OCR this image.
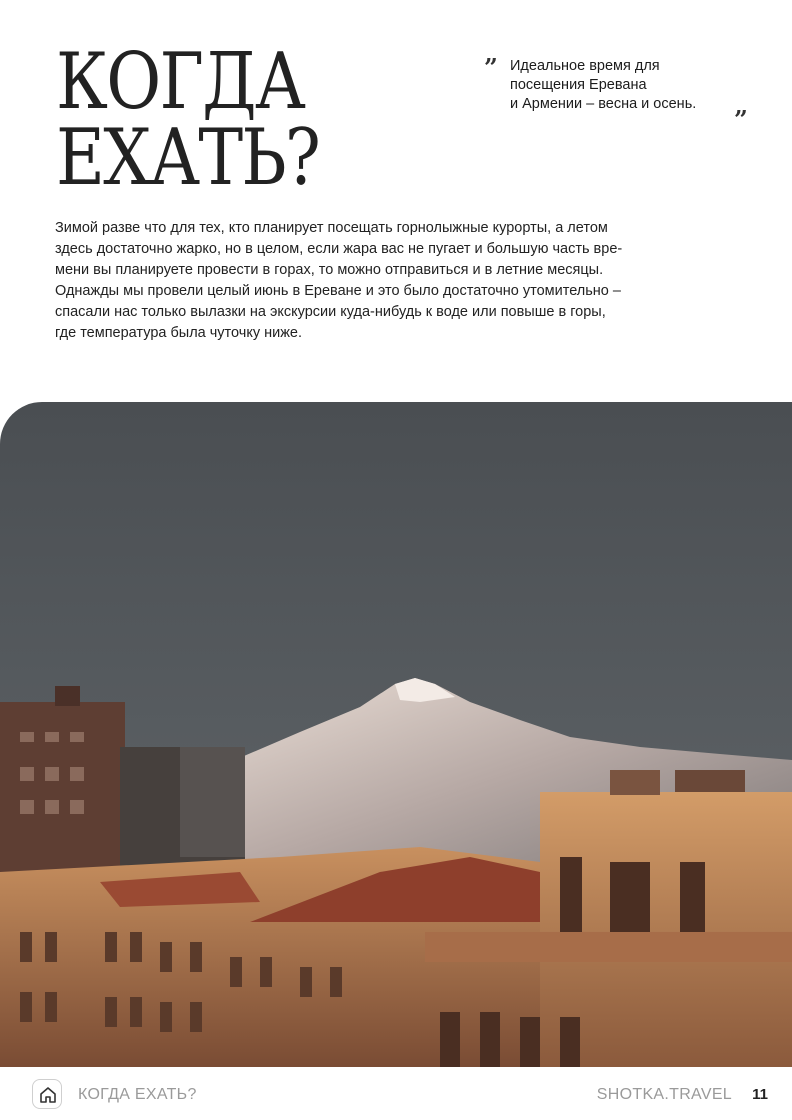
КОГДА
ЕХАТЬ?
” Идеальное время для
посещения Еревана
и Армении – весна и осень.
”
Зимой разве что для тех, кто планирует посещать горнолыжные курорты, а летом
здесь достаточно жарко, но в целом, если жара вас не пугает и большую часть вре-
мени вы планируете провести в горах, то можно отправиться и в летние месяцы.
Однажды мы провели целый июнь в Ереване и это было достаточно утомительно –
спасали нас только вылазки на экскурсии куда-нибудь к воде или повыше в горы,
где температура была чуточку ниже.
КОГДА ЕХАТЬ?	SHOTKA.TRAVEL 11
